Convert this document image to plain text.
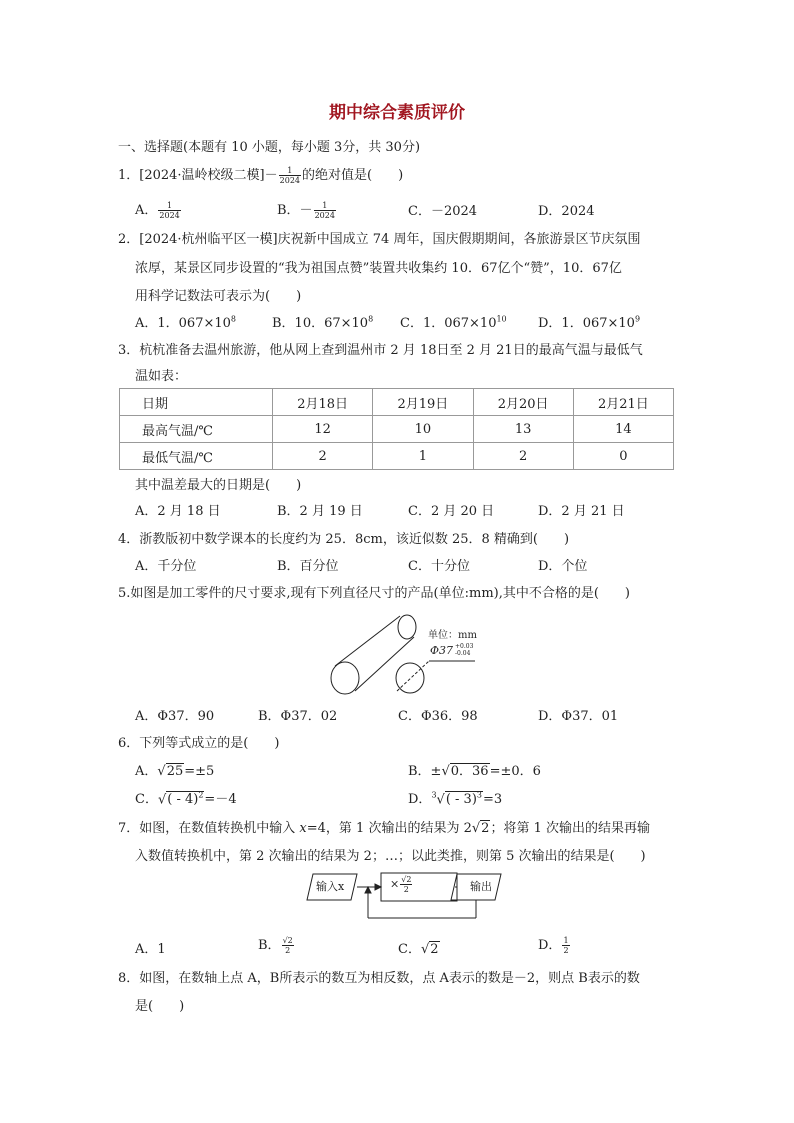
期中综合素质评价
一、选择题(本题有 10 小题，每小题 3分，共 30分)
1．[2024·温岭校级二模]－ $\frac{1}{2024}$ 的绝对值是(　　)
A． $\frac{1}{2024}$	B．－ $\frac{1}{2024}$	C．－2024	D．2024
2．[2024·杭州临平区一模]庆祝新中国成立 74 周年，国庆假期期间，各旅游景区节庆氛围
浓厚，某景区同步设置的“我为祖国点赞”装置共收集约 10．67亿个“赞”，10．67亿
用科学记数法可表示为(　　)
A．1．$067\times 10^8$	B．10．$67\times 10^8$ C．1．$067\times 10^{10}$ D．1．$067\times 10^9$
3．杭杭准备去温州旅游，他从网上查到温州市 2 月 18日至 2 月 21日的最高气温与最低气
温如表：
日期	2月18日	2月19日	2月20日	2月21日
最高气温/℃	12	10	13	14
最低气温/℃	2	1	2	0
其中温差最大的日期是(　　)
A．2 月 18 日	B．2 月 19 日	C．2 月 20 日	D．2 月 21 日
4．浙教版初中数学课本的长度约为 25．8cm，该近似数 25．8 精确到(　　)
A．千分位	B．百分位	C．十分位	D．个位
5.如图是加工零件的尺寸要求,现有下列直径尺寸的产品(单位:mm),其中不合格的是(　　)
单位：mm
Φ37 +0.03
-0.04
A．Φ37．90	B．Φ37．02	C．Φ36．98	D．Φ37．01
6．下列等式成立的是(　　)
A．√25=±5	B．±√0．36=±0．6
C．√( - 4)$^2$=－4	D．$^3$√( - 3)$^3$=3
7．如图，在数值转换机中输入 x=4，第 1 次输出的结果为 2√2；将第 1 次输出的结果再输
入数值转换机中，第 2 次输出的结果为 2；…；以此类推，则第 5 次输出的结果是(　　)
输入x	× $\frac{√2}{2}$	输出
A．1	B． $\frac{√2}{2}$	C．√2	D． $\frac{1}{2}$
8．如图，在数轴上点 A，B所表示的数互为相反数，点 A表示的数是－2，则点 B表示的数
是(　　)
